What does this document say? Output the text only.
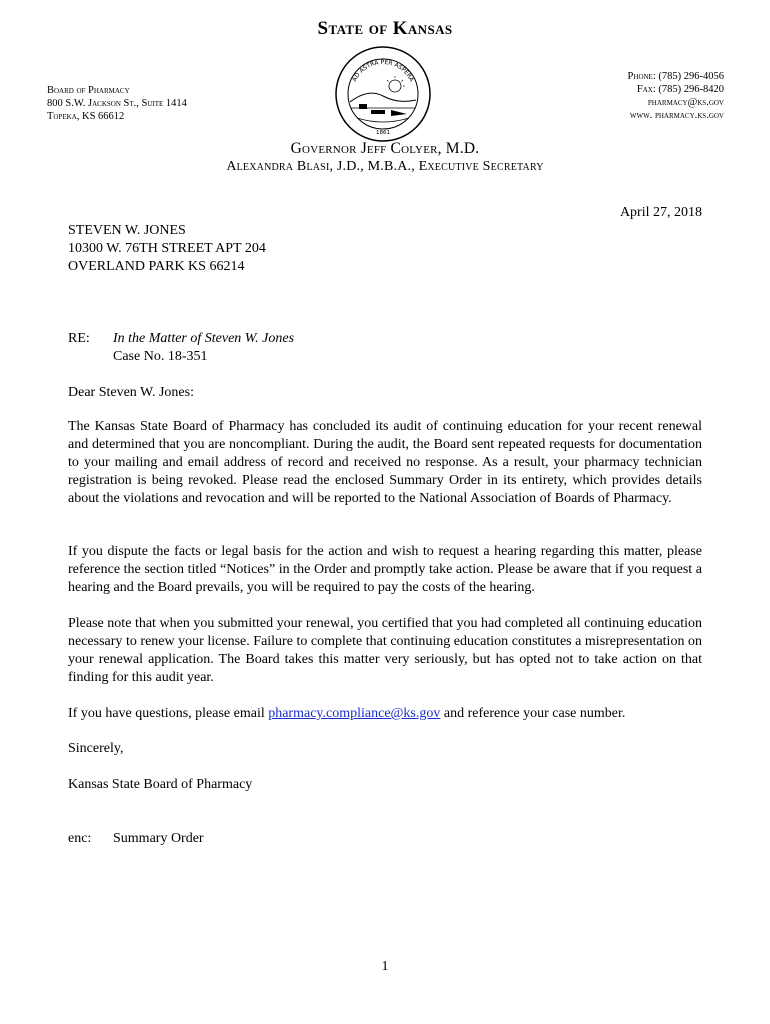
State of Kansas
Board of Pharmacy
800 S.W. Jackson St., Suite 1414
Topeka, KS 66612
AD ASTRA PER ASPERA
1861
Phone: (785) 296-4056
Fax: (785) 296-8420
pharmacy@ks.gov
www. pharmacy.ks.gov
Governor Jeff Colyer, M.D.
Alexandra Blasi, J.D., M.B.A., Executive Secretary
April 27, 2018
STEVEN W. JONES
10300 W. 76TH STREET APT 204
OVERLAND PARK KS 66214
RE: In the Matter of Steven W. Jones
Case No. 18-351
Dear Steven W. Jones:
The Kansas State Board of Pharmacy has concluded its audit of continuing education for your recent renewal and determined that you are noncompliant. During the audit, the Board sent repeated requests for documentation to your mailing and email address of record and received no response. As a result, your pharmacy technician registration is being revoked. Please read the enclosed Summary Order in its entirety, which provides details about the violations and revocation and will be reported to the National Association of Boards of Pharmacy.
If you dispute the facts or legal basis for the action and wish to request a hearing regarding this matter, please reference the section titled “Notices” in the Order and promptly take action. Please be aware that if you request a hearing and the Board prevails, you will be required to pay the costs of the hearing.
Please note that when you submitted your renewal, you certified that you had completed all continuing education necessary to renew your license. Failure to complete that continuing education constitutes a misrepresentation on your renewal application. The Board takes this matter very seriously, but has opted not to take action on that finding for this audit year.
If you have questions, please email pharmacy.compliance@ks.gov and reference your case number.
Sincerely,
Kansas State Board of Pharmacy
enc: Summary Order
1
